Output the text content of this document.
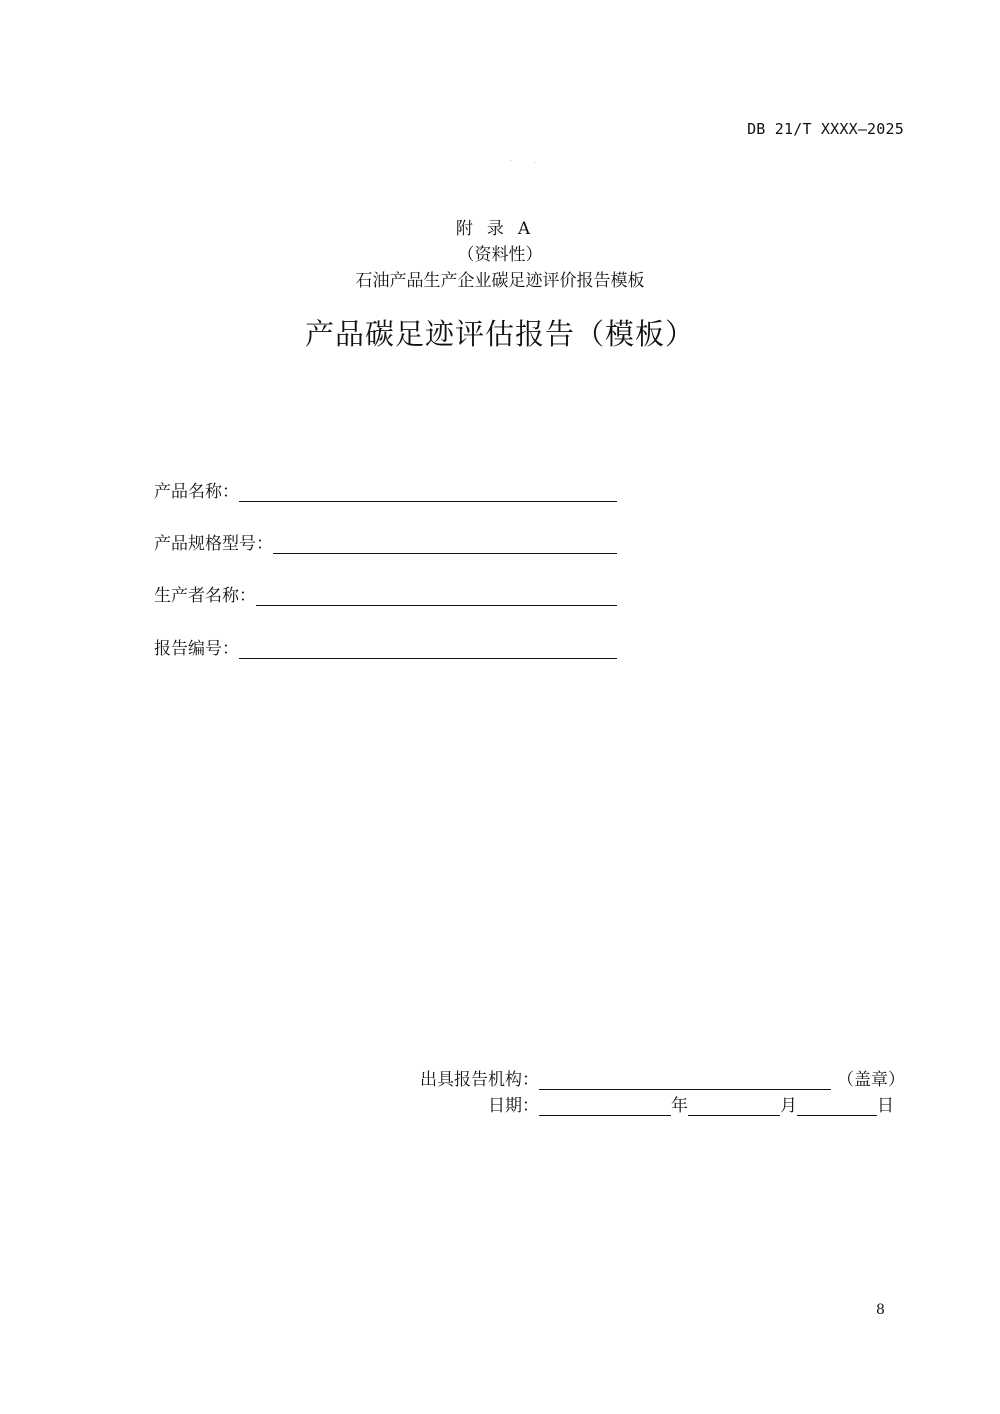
DB 21/T XXXX—2025
· .
附录A
（资料性）
石油产品生产企业碳足迹评价报告模板
产品碳足迹评估报告（模板）
产品名称：
产品规格型号：
生产者名称：
报告编号：
出具报告机构：	（盖章）
日期：	年	月	日
8
